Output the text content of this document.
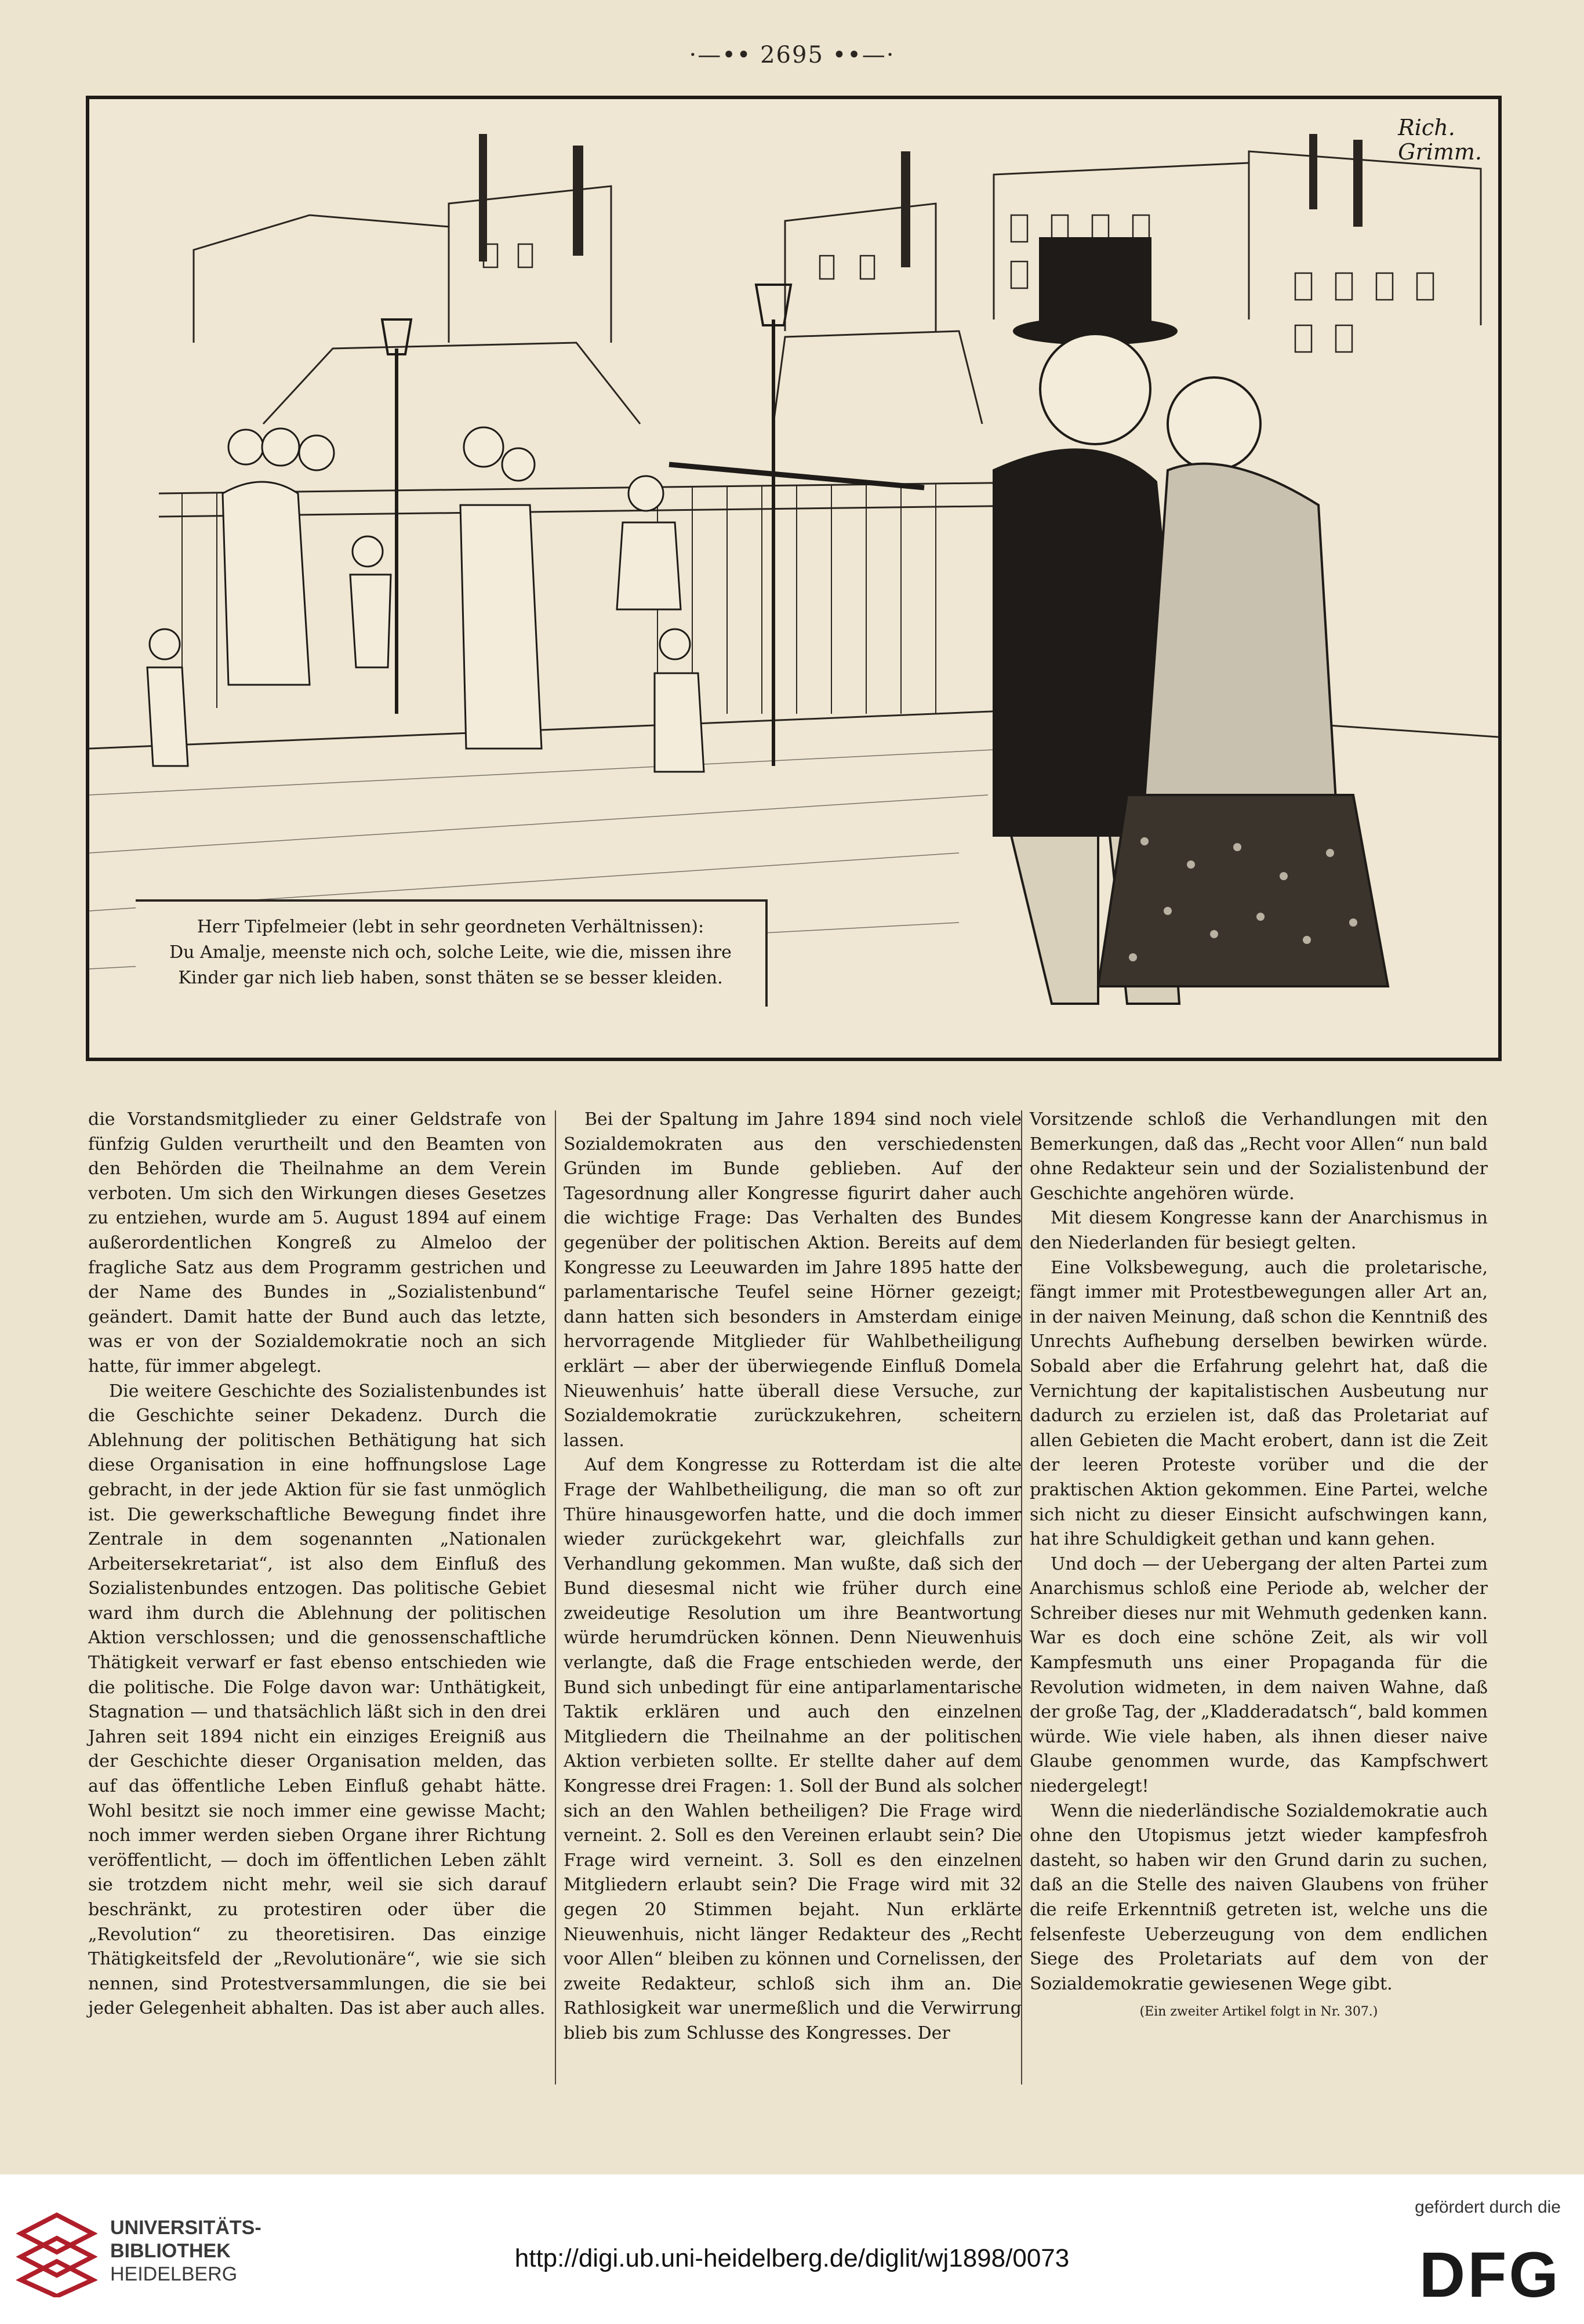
·—•• 2695 ••—·
Rich.
Grimm.
Herr Tipfelmeier (lebt in sehr geordneten Verhältnissen):
Du Amalje, meenste nich och, solche Leite, wie die, missen ihre
Kinder gar nich lieb haben, sonst thäten se se besser kleiden.

die Vorstandsmitglieder zu einer Geldstrafe von fünfzig Gulden verurtheilt und den Beamten von den Behörden die Theilnahme an dem Verein verboten. Um sich den Wirkungen dieses Gesetzes zu entziehen, wurde am 5. August 1894 auf einem außerordentlichen Kongreß zu Almeloo der fragliche Satz aus dem Programm gestrichen und der Name des Bundes in „Sozialistenbund“ geändert. Damit hatte der Bund auch das letzte, was er von der Sozialdemokratie noch an sich hatte, für immer abgelegt.

Die weitere Geschichte des Sozialistenbundes ist die Geschichte seiner Dekadenz. Durch die Ablehnung der politischen Bethätigung hat sich diese Organisation in eine hoffnungslose Lage gebracht, in der jede Aktion für sie fast unmöglich ist. Die gewerkschaftliche Bewegung findet ihre Zentrale in dem sogenannten „Nationalen Arbeitersekretariat“, ist also dem Einfluß des Sozialistenbundes entzogen. Das politische Gebiet ward ihm durch die Ablehnung der politischen Aktion verschlossen; und die genossenschaftliche Thätigkeit verwarf er fast ebenso entschieden wie die politische. Die Folge davon war: Unthätigkeit, Stagnation — und thatsächlich läßt sich in den drei Jahren seit 1894 nicht ein einziges Ereigniß aus der Geschichte dieser Organisation melden, das auf das öffentliche Leben Einfluß gehabt hätte. Wohl besitzt sie noch immer eine gewisse Macht; noch immer werden sieben Organe ihrer Richtung veröffentlicht, — doch im öffentlichen Leben zählt sie trotzdem nicht mehr, weil sie sich darauf beschränkt, zu protestiren oder über die „Revolution“ zu theoretisiren. Das einzige Thätigkeitsfeld der „Revolutionäre“, wie sie sich nennen, sind Protestversammlungen, die sie bei jeder Gelegenheit abhalten. Das ist aber auch alles.

Bei der Spaltung im Jahre 1894 sind noch viele Sozialdemokraten aus den verschiedensten Gründen im Bunde geblieben. Auf der Tagesordnung aller Kongresse figurirt daher auch die wichtige Frage: Das Verhalten des Bundes gegenüber der politischen Aktion. Bereits auf dem Kongresse zu Leeuwarden im Jahre 1895 hatte der parlamentarische Teufel seine Hörner gezeigt; dann hatten sich besonders in Amsterdam einige hervorragende Mitglieder für Wahlbetheiligung erklärt — aber der überwiegende Einfluß Domela Nieuwenhuis’ hatte überall diese Versuche, zur Sozialdemokratie zurückzukehren, scheitern lassen.

Auf dem Kongresse zu Rotterdam ist die alte Frage der Wahlbetheiligung, die man so oft zur Thüre hinausgeworfen hatte, und die doch immer wieder zurückgekehrt war, gleichfalls zur Verhandlung gekommen. Man wußte, daß sich der Bund diesesmal nicht wie früher durch eine zweideutige Resolution um ihre Beantwortung würde herumdrücken können. Denn Nieuwenhuis verlangte, daß die Frage entschieden werde, der Bund sich unbedingt für eine antiparlamentarische Taktik erklären und auch den einzelnen Mitgliedern die Theilnahme an der politischen Aktion verbieten sollte. Er stellte daher auf dem Kongresse drei Fragen: 1. Soll der Bund als solcher sich an den Wahlen betheiligen? Die Frage wird verneint. 2. Soll es den Vereinen erlaubt sein? Die Frage wird verneint. 3. Soll es den einzelnen Mitgliedern erlaubt sein? Die Frage wird mit 32 gegen 20 Stimmen bejaht. Nun erklärte Nieuwenhuis, nicht länger Redakteur des „Recht voor Allen“ bleiben zu können und Cornelissen, der zweite Redakteur, schloß sich ihm an. Die Rathlosigkeit war unermeßlich und die Verwirrung blieb bis zum Schlusse des Kongresses. Der

Vorsitzende schloß die Verhandlungen mit den Bemerkungen, daß das „Recht voor Allen“ nun bald ohne Redakteur sein und der Sozialistenbund der Geschichte angehören würde.

Mit diesem Kongresse kann der Anarchismus in den Niederlanden für besiegt gelten.

Eine Volksbewegung, auch die proletarische, fängt immer mit Protestbewegungen aller Art an, in der naiven Meinung, daß schon die Kenntniß des Unrechts Aufhebung derselben bewirken würde. Sobald aber die Erfahrung gelehrt hat, daß die Vernichtung der kapitalistischen Ausbeutung nur dadurch zu erzielen ist, daß das Proletariat auf allen Gebieten die Macht erobert, dann ist die Zeit der leeren Proteste vorüber und die der praktischen Aktion gekommen. Eine Partei, welche sich nicht zu dieser Einsicht aufschwingen kann, hat ihre Schuldigkeit gethan und kann gehen.

Und doch — der Uebergang der alten Partei zum Anarchismus schloß eine Periode ab, welcher der Schreiber dieses nur mit Wehmuth gedenken kann. War es doch eine schöne Zeit, als wir voll Kampfesmuth uns einer Propaganda für die Revolution widmeten, in dem naiven Wahne, daß der große Tag, der „Kladderadatsch“, bald kommen würde. Wie viele haben, als ihnen dieser naive Glaube genommen wurde, das Kampfschwert niedergelegt!

Wenn die niederländische Sozialdemokratie auch ohne den Utopismus jetzt wieder kampfesfroh dasteht, so haben wir den Grund darin zu suchen, daß an die Stelle des naiven Glaubens von früher die reife Erkenntniß getreten ist, welche uns die felsenfeste Ueberzeugung von dem endlichen Siege des Proletariats auf dem von der Sozialdemokratie gewiesenen Wege gibt.

(Ein zweiter Artikel folgt in Nr. 307.)
UNIVERSITÄTS-
BIBLIOTHEK
HEIDELBERG
http://digi.ub.uni-heidelberg.de/diglit/wj1898/0073
gefördert durch die
DFG
